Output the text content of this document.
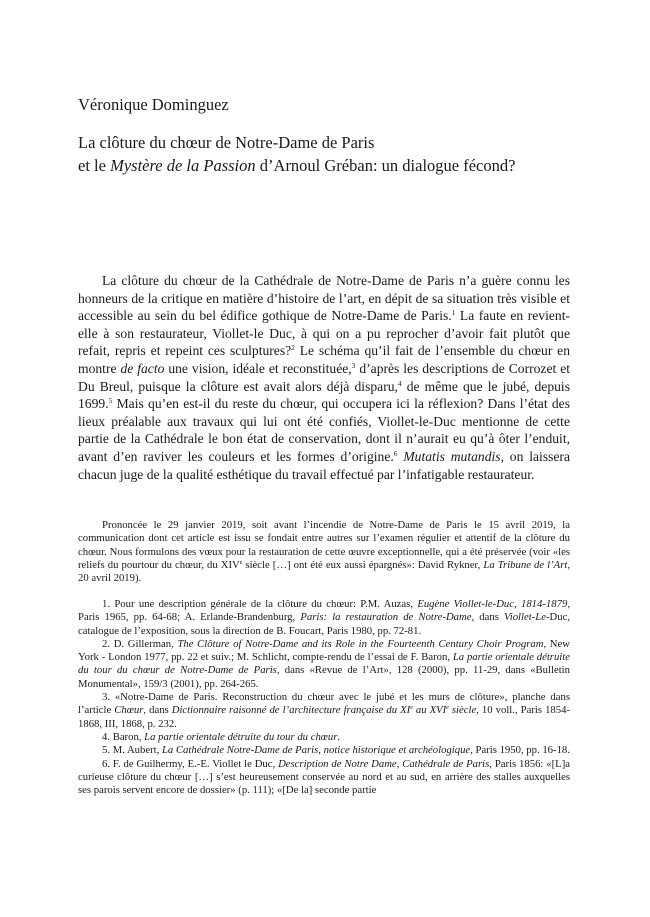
Véronique Dominguez
La clôture du chœur de Notre-Dame de Paris
et le Mystère de la Passion d’Arnoul Gréban: un dialogue fécond?

La clôture du chœur de la Cathédrale de Notre-Dame de Paris n’a guère connu les honneurs de la critique en matière d’histoire de l’art, en dépit de sa situation très visible et accessible au sein du bel édifice gothique de Notre-Dame de Paris.$^1$ La faute en revient-elle à son restaurateur, Viollet-le Duc, à qui on a pu reprocher d’avoir fait plutôt que refait, repris et repeint ces sculptures?$^2$ Le schéma qu’il fait de l’ensemble du chœur en montre de facto une vision, idéale et reconstituée,$^3$ d’après les descriptions de Corrozet et Du Breul, puisque la clôture est avait alors déjà disparu,$^4$ de même que le jubé, depuis 1699.$^5$ Mais qu’en est-il du reste du chœur, qui occupera ici la réflexion? Dans l’état des lieux préalable aux travaux qui lui ont été confiés, Viollet-le-Duc mentionne de cette partie de la Cathédrale le bon état de conservation, dont il n’aurait eu qu’à ôter l’enduit, avant d’en raviver les couleurs et les formes d’origine.$^6$ Mutatis mutandis, on laissera chacun juge de la qualité esthétique du travail effectué par l’infatigable restaurateur.

Prononcée le 29 janvier 2019, soit avant l’incendie de Notre-Dame de Paris le 15 avril 2019, la communication dont cet article est issu se fondait entre autres sur l’examen régulier et attentif de la clôture du chœur. Nous formulons des vœux pour la restauration de cette œuvre exceptionnelle, qui a été préservée (voir «les reliefs du pourtour du chœur, du XIVe siècle […] ont été eux aussi épargnés»: David Rykner, La Tribune de l’Art, 20 avril 2019).

1. Pour une description générale de la clôture du chœur: P.M. Auzas, Eugène Viollet-le-Duc, 1814-1879, Paris 1965, pp. 64-68; A. Erlande-Brandenburg, Paris: la restauration de Notre-Dame, dans Viollet-Le-Duc, catalogue de l’exposition, sous la direction de B. Foucart, Paris 1980, pp. 72-81.

2. D. Gillerman, The Clôture of Notre-Dame and its Role in the Fourteenth Century Choir Program, New York - London 1977, pp. 22 et suiv.; M. Schlicht, compte-rendu de l’essai de F. Baron, La partie orientale détruite du tour du chœur de Notre-Dame de Paris, dans «Revue de l’Art», 128 (2000), pp. 11-29, dans «Bulletin Monumental», 159/3 (2001), pp. 264-265.

3. «Notre-Dame de Paris. Reconstruction du chœur avec le jubé et les murs de clôture», planche dans l’article Chœur, dans Dictionnaire raisonné de l’architecture française du XIe au XVIe siècle, 10 voll., Paris 1854-1868, III, 1868, p. 232.

4. Baron, La partie orientale détruite du tour du chœur.

5. M. Aubert, La Cathédrale Notre-Dame de Paris, notice historique et archéologique, Paris 1950, pp. 16-18.

6. F. de Guilhermy, E.-E. Viollet le Duc, Description de Notre Dame, Cathédrale de Paris, Paris 1856: «[L]a curieuse clôture du chœur […] s’est heureusement conservée au nord et au sud, en arrière des stalles auxquelles ses parois servent encore de dossier» (p. 111); «[De la] seconde partie
